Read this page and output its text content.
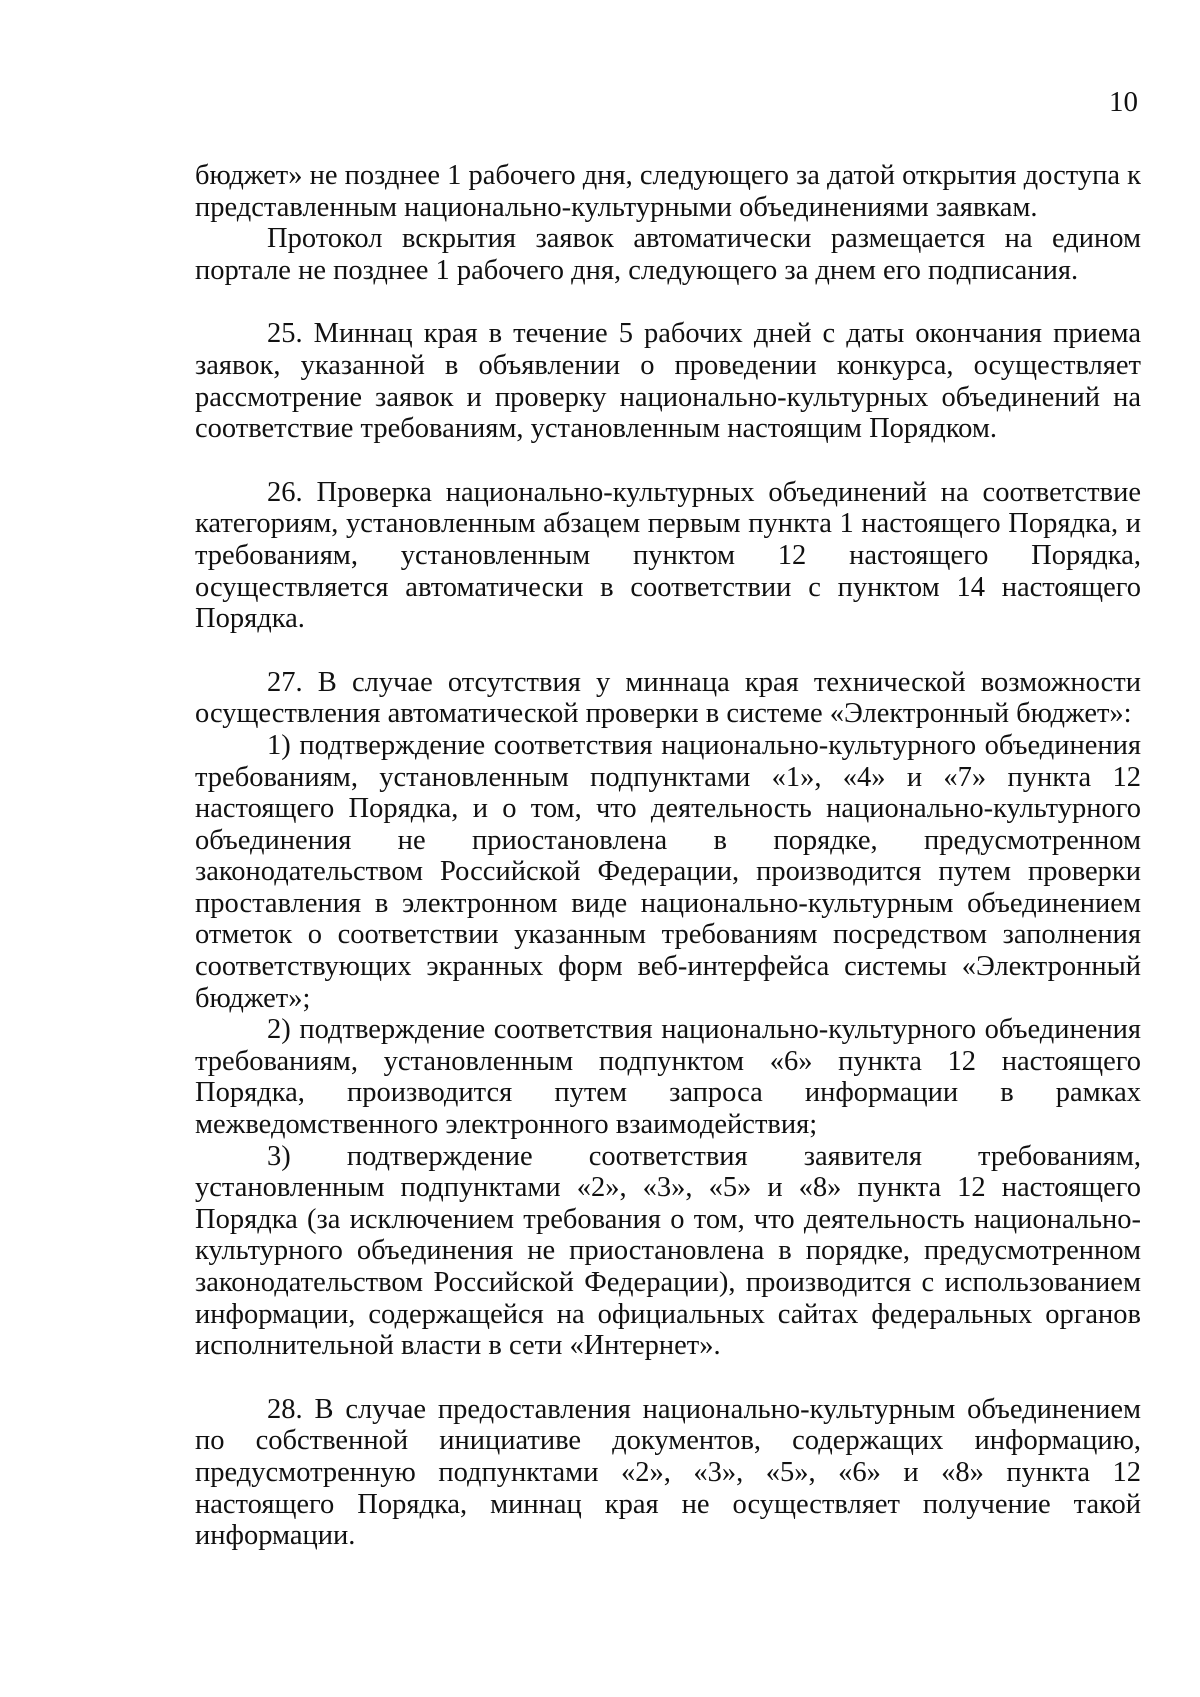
10

бюджет» не позднее 1 рабочего дня, следующего за датой открытия доступа к представленным национально-культурными объединениями заявкам.

Протокол вскрытия заявок автоматически размещается на едином портале не позднее 1 рабочего дня, следующего за днем его подписания.

25. Миннац края в течение 5 рабочих дней с даты окончания приема заявок, указанной в объявлении о проведении конкурса, осуществляет рассмотрение заявок и проверку национально-культурных объединений на соответствие требованиям, установленным настоящим Порядком.

26. Проверка национально-культурных объединений на соответствие категориям, установленным абзацем первым пункта 1 настоящего Порядка, и требованиям, установленным пунктом 12 настоящего Порядка, осуществляется автоматически в соответствии с пунктом 14 настоящего Порядка.

27. В случае отсутствия у миннаца края технической возможности осуществления автоматической проверки в системе «Электронный бюджет»:

1) подтверждение соответствия национально-культурного объединения требованиям, установленным подпунктами «1», «4» и «7» пункта 12 настоящего Порядка, и о том, что деятельность национально-культурного объединения не приостановлена в порядке, предусмотренном законодательством Российской Федерации, производится путем проверки проставления в электронном виде национально-культурным объединением отметок о соответствии указанным требованиям посредством заполнения соответствующих экранных форм веб-интерфейса системы «Электронный бюджет»;

2) подтверждение соответствия национально-культурного объединения требованиям, установленным подпунктом «6» пункта 12 настоящего Порядка, производится путем запроса информации в рамках межведомственного электронного взаимодействия;

3) подтверждение соответствия заявителя требованиям, установленным подпунктами «2», «3», «5» и «8» пункта 12 настоящего Порядка (за исключением требования о том, что деятельность национально-культурного объединения не приостановлена в порядке, предусмотренном законодательством Российской Федерации), производится с использованием информации, содержащейся на официальных сайтах федеральных органов исполнительной власти в сети «Интернет».

28. В случае предоставления национально-культурным объединением по собственной инициативе документов, содержащих информацию, предусмотренную подпунктами «2», «3», «5», «6» и «8» пункта 12 настоящего Порядка, миннац края не осуществляет получение такой информации.
